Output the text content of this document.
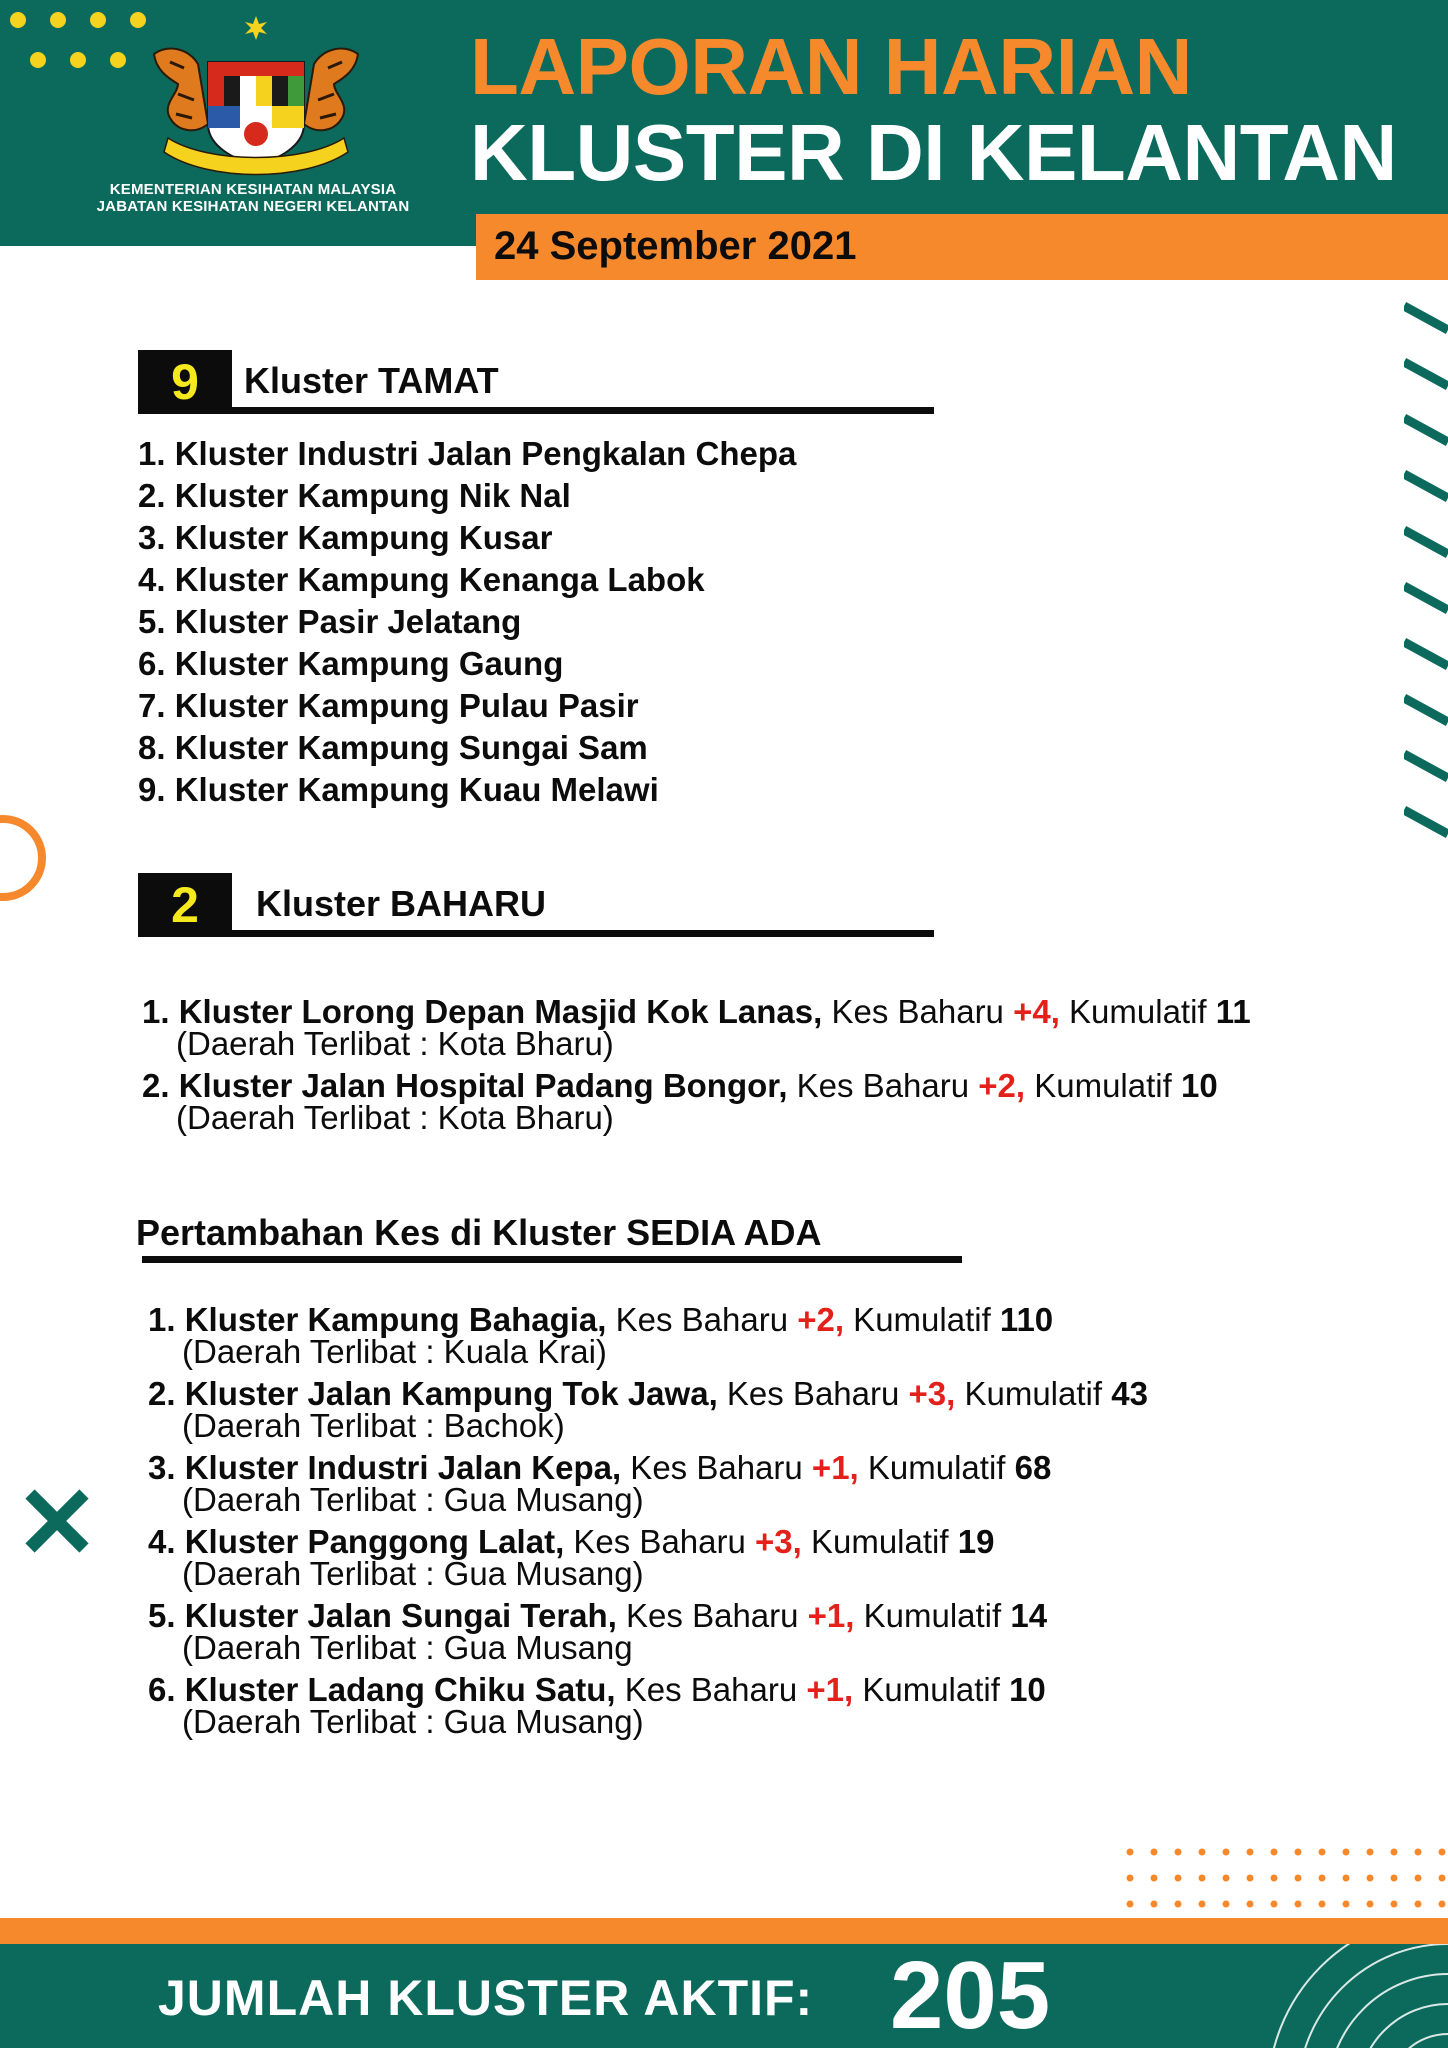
KEMENTERIAN KESIHATAN MALAYSIA
JABATAN KESIHATAN NEGERI KELANTAN
LAPORAN HARIAN
KLUSTER DI KELANTAN
24 September 2021
9	Kluster TAMAT
1. Kluster Industri Jalan Pengkalan Chepa
2. Kluster Kampung Nik Nal
3. Kluster Kampung Kusar
4. Kluster Kampung Kenanga Labok
5. Kluster Pasir Jelatang
6. Kluster Kampung Gaung
7. Kluster Kampung Pulau Pasir
8. Kluster Kampung Sungai Sam
9. Kluster Kampung Kuau Melawi
2	Kluster BAHARU
1. Kluster Lorong Depan Masjid Kok Lanas, Kes Baharu +4, Kumulatif 11
(Daerah Terlibat : Kota Bharu)
2. Kluster Jalan Hospital Padang Bongor, Kes Baharu +2, Kumulatif 10
(Daerah Terlibat : Kota Bharu)
Pertambahan Kes di Kluster SEDIA ADA
1. Kluster Kampung Bahagia, Kes Baharu +2, Kumulatif 110
(Daerah Terlibat : Kuala Krai)
2. Kluster Jalan Kampung Tok Jawa, Kes Baharu +3, Kumulatif 43
(Daerah Terlibat : Bachok)
3. Kluster Industri Jalan Kepa, Kes Baharu +1, Kumulatif 68
(Daerah Terlibat : Gua Musang)
4. Kluster Panggong Lalat, Kes Baharu +3, Kumulatif 19
(Daerah Terlibat : Gua Musang)
5. Kluster Jalan Sungai Terah, Kes Baharu +1, Kumulatif 14
(Daerah Terlibat : Gua Musang
6. Kluster Ladang Chiku Satu, Kes Baharu +1, Kumulatif 10
(Daerah Terlibat : Gua Musang)
JUMLAH KLUSTER AKTIF: 205
